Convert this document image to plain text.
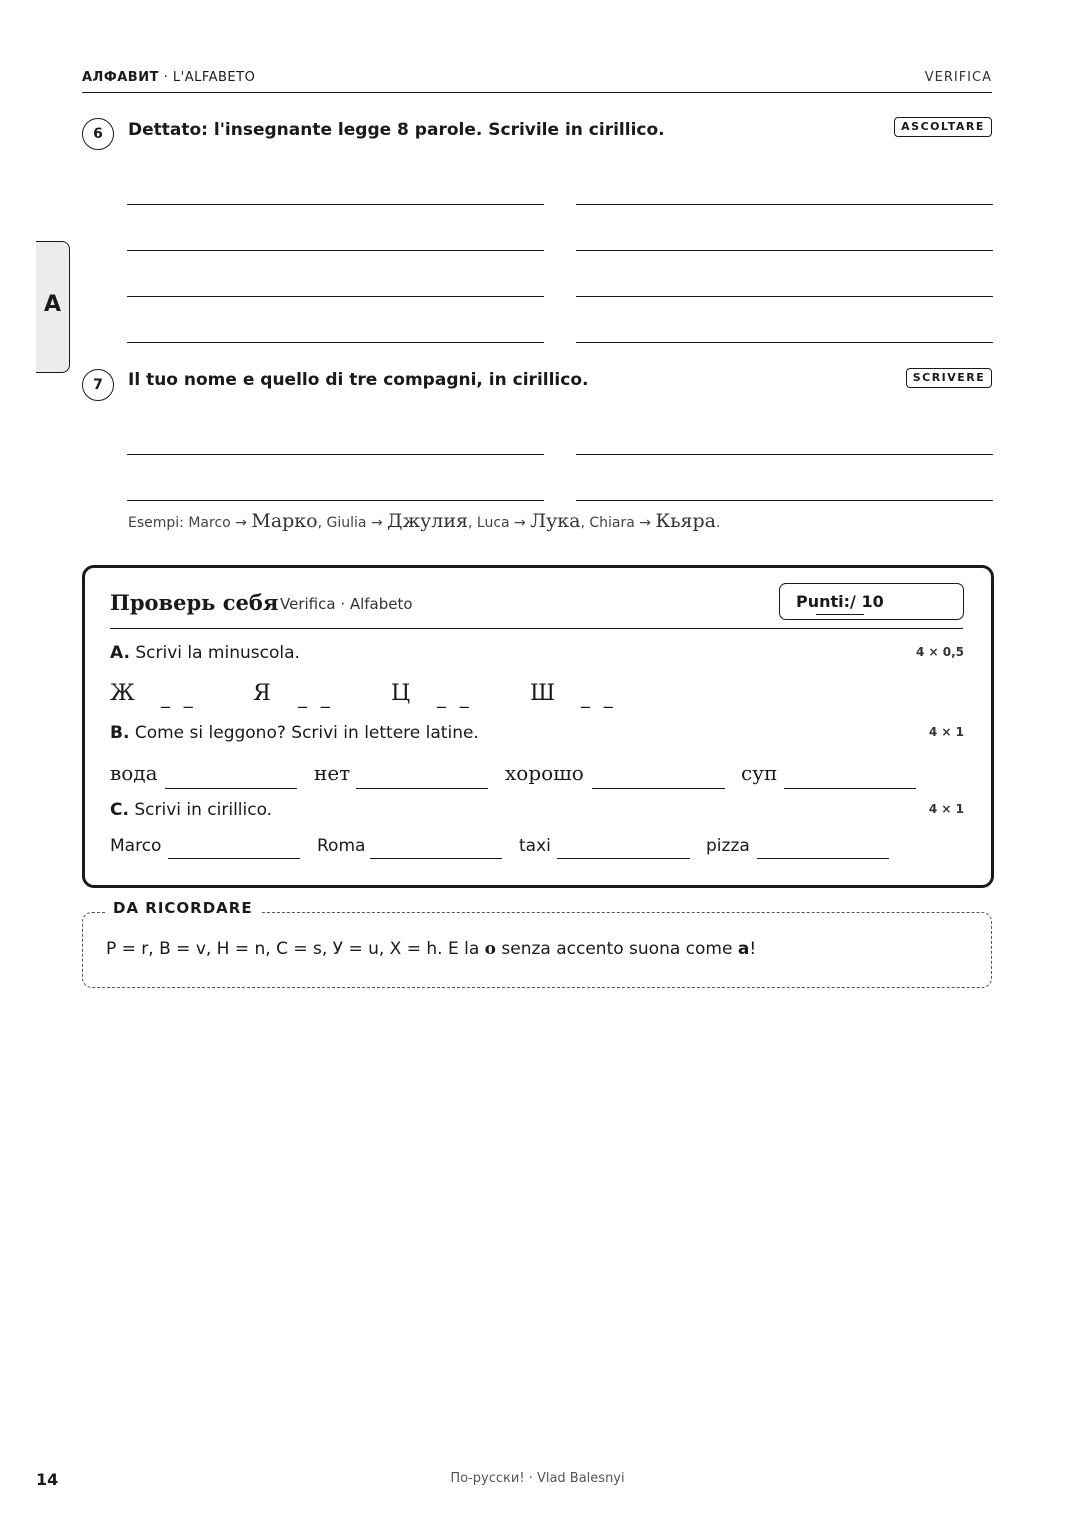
АЛФАВИТ · L'ALFABETO	VERIFICA
A
6	Dettato: l'insegnante legge 8 parole. Scrivile in cirillico.	ASCOLTARE
7	Il tuo nome e quello di tre compagni, in cirillico.	SCRIVERE
Esempi: Marco → Марко, Giulia → Джулия, Luca → Лука, Chiara → Кьяра.
Проверь себя Verifica · Alfabeto	Punti:
/ 10
A. Scrivi la minuscola.	4 × 0,5
Ж _ _	Я _ _	Ц _ _	Ш _ _
B. Come si leggono? Scrivi in lettere latine.	4 × 1
вода	нет	хорошо	суп
C. Scrivi in cirillico.	4 × 1
Marco	Roma	taxi	pizza
DA RICORDARE
Р = r, В = v, Н = n, С = s, У = u, Х = h. E la о senza accento suona come a!
14	По-русски! · Vlad Balesnyi
